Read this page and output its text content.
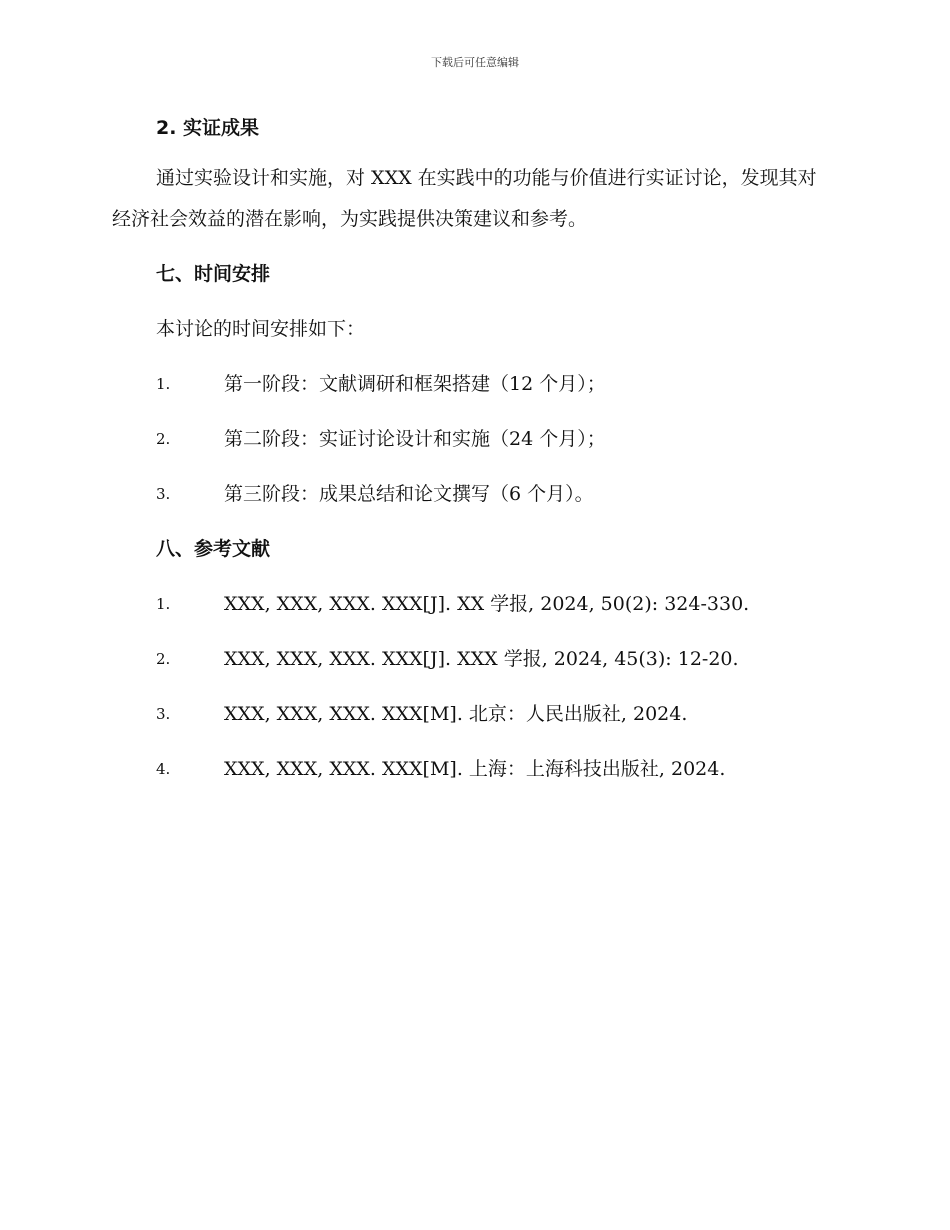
下载后可任意编辑
2. 实证成果

通过实验设计和实施，对 XXX 在实践中的功能与价值进行实证讨论，发现其对经济社会效益的潜在影响，为实践提供决策建议和参考。

七、时间安排
本讨论的时间安排如下：
1.	第一阶段：文献调研和框架搭建（12 个月）；
2.	第二阶段：实证讨论设计和实施（24 个月）；
3.	第三阶段：成果总结和论文撰写（6 个月）。
八、参考文献
1.	XXX, XXX, XXX. XXX[J]. XX 学报, 2024, 50(2): 324-330.
2.	XXX, XXX, XXX. XXX[J]. XXX 学报, 2024, 45(3): 12-20.
3.	XXX, XXX, XXX. XXX[M]. 北京：人民出版社, 2024.
4.	XXX, XXX, XXX. XXX[M]. 上海：上海科技出版社, 2024.
